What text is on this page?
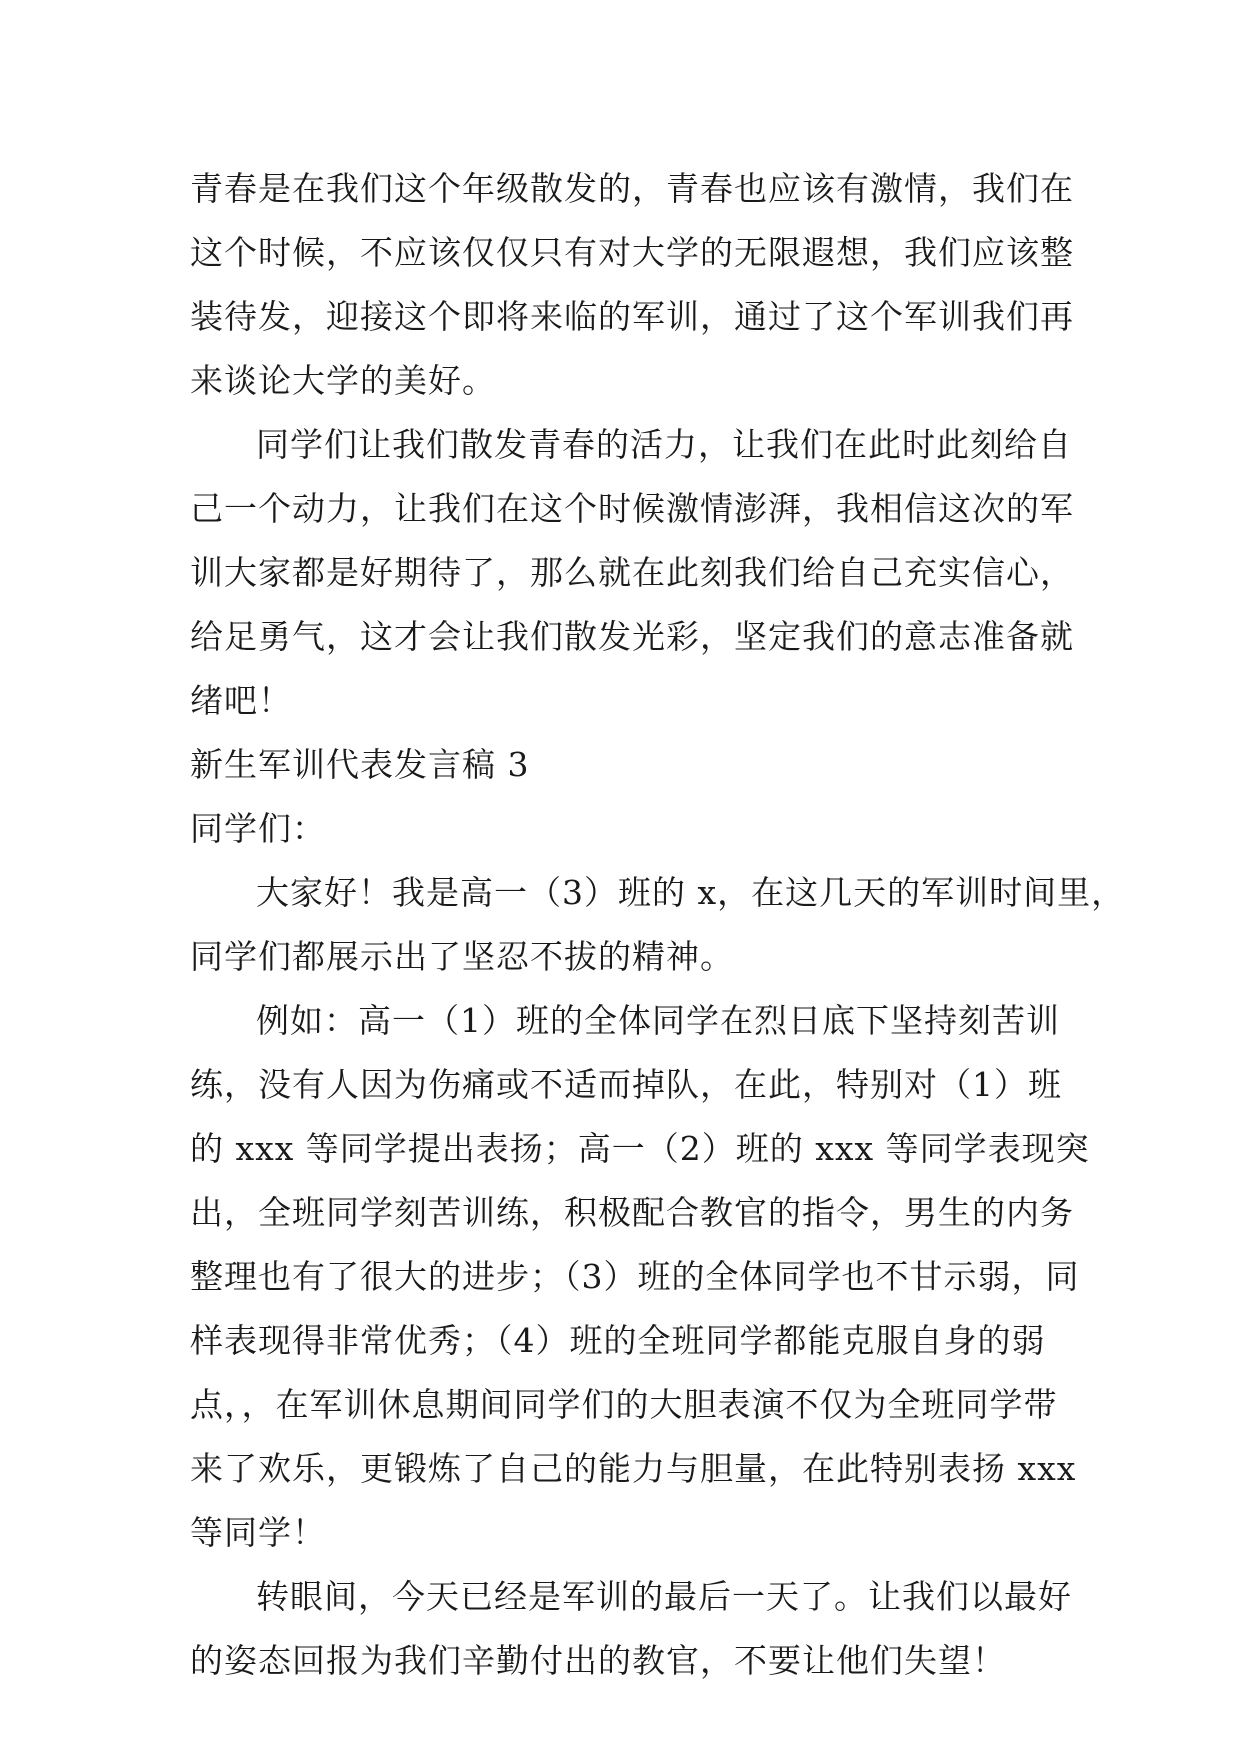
青春是在我们这个年级散发的，青春也应该有激情，我们在
这个时候，不应该仅仅只有对大学的无限遐想，我们应该整
装待发，迎接这个即将来临的军训，通过了这个军训我们再
来谈论大学的美好。
同学们让我们散发青春的活力，让我们在此时此刻给自
己一个动力，让我们在这个时候激情澎湃，我相信这次的军
训大家都是好期待了，那么就在此刻我们给自己充实信心，
给足勇气，这才会让我们散发光彩，坚定我们的意志准备就
绪吧！
新生军训代表发言稿 3
同学们：
大家好！我是高一（3）班的 x，在这几天的军训时间里，
同学们都展示出了坚忍不拔的精神。
例如：高一（1）班的全体同学在烈日底下坚持刻苦训
练，没有人因为伤痛或不适而掉队，在此，特别对（1）班
的 xxx 等同学提出表扬；高一（2）班的 xxx 等同学表现突
出，全班同学刻苦训练，积极配合教官的指令，男生的内务
整理也有了很大的进步；（3）班的全体同学也不甘示弱，同
样表现得非常优秀；（4）班的全班同学都能克服自身的弱
点，，在军训休息期间同学们的大胆表演不仅为全班同学带
来了欢乐，更锻炼了自己的能力与胆量，在此特别表扬 xxx
等同学！
转眼间，今天已经是军训的最后一天了。让我们以最好
的姿态回报为我们辛勤付出的教官，不要让他们失望！
